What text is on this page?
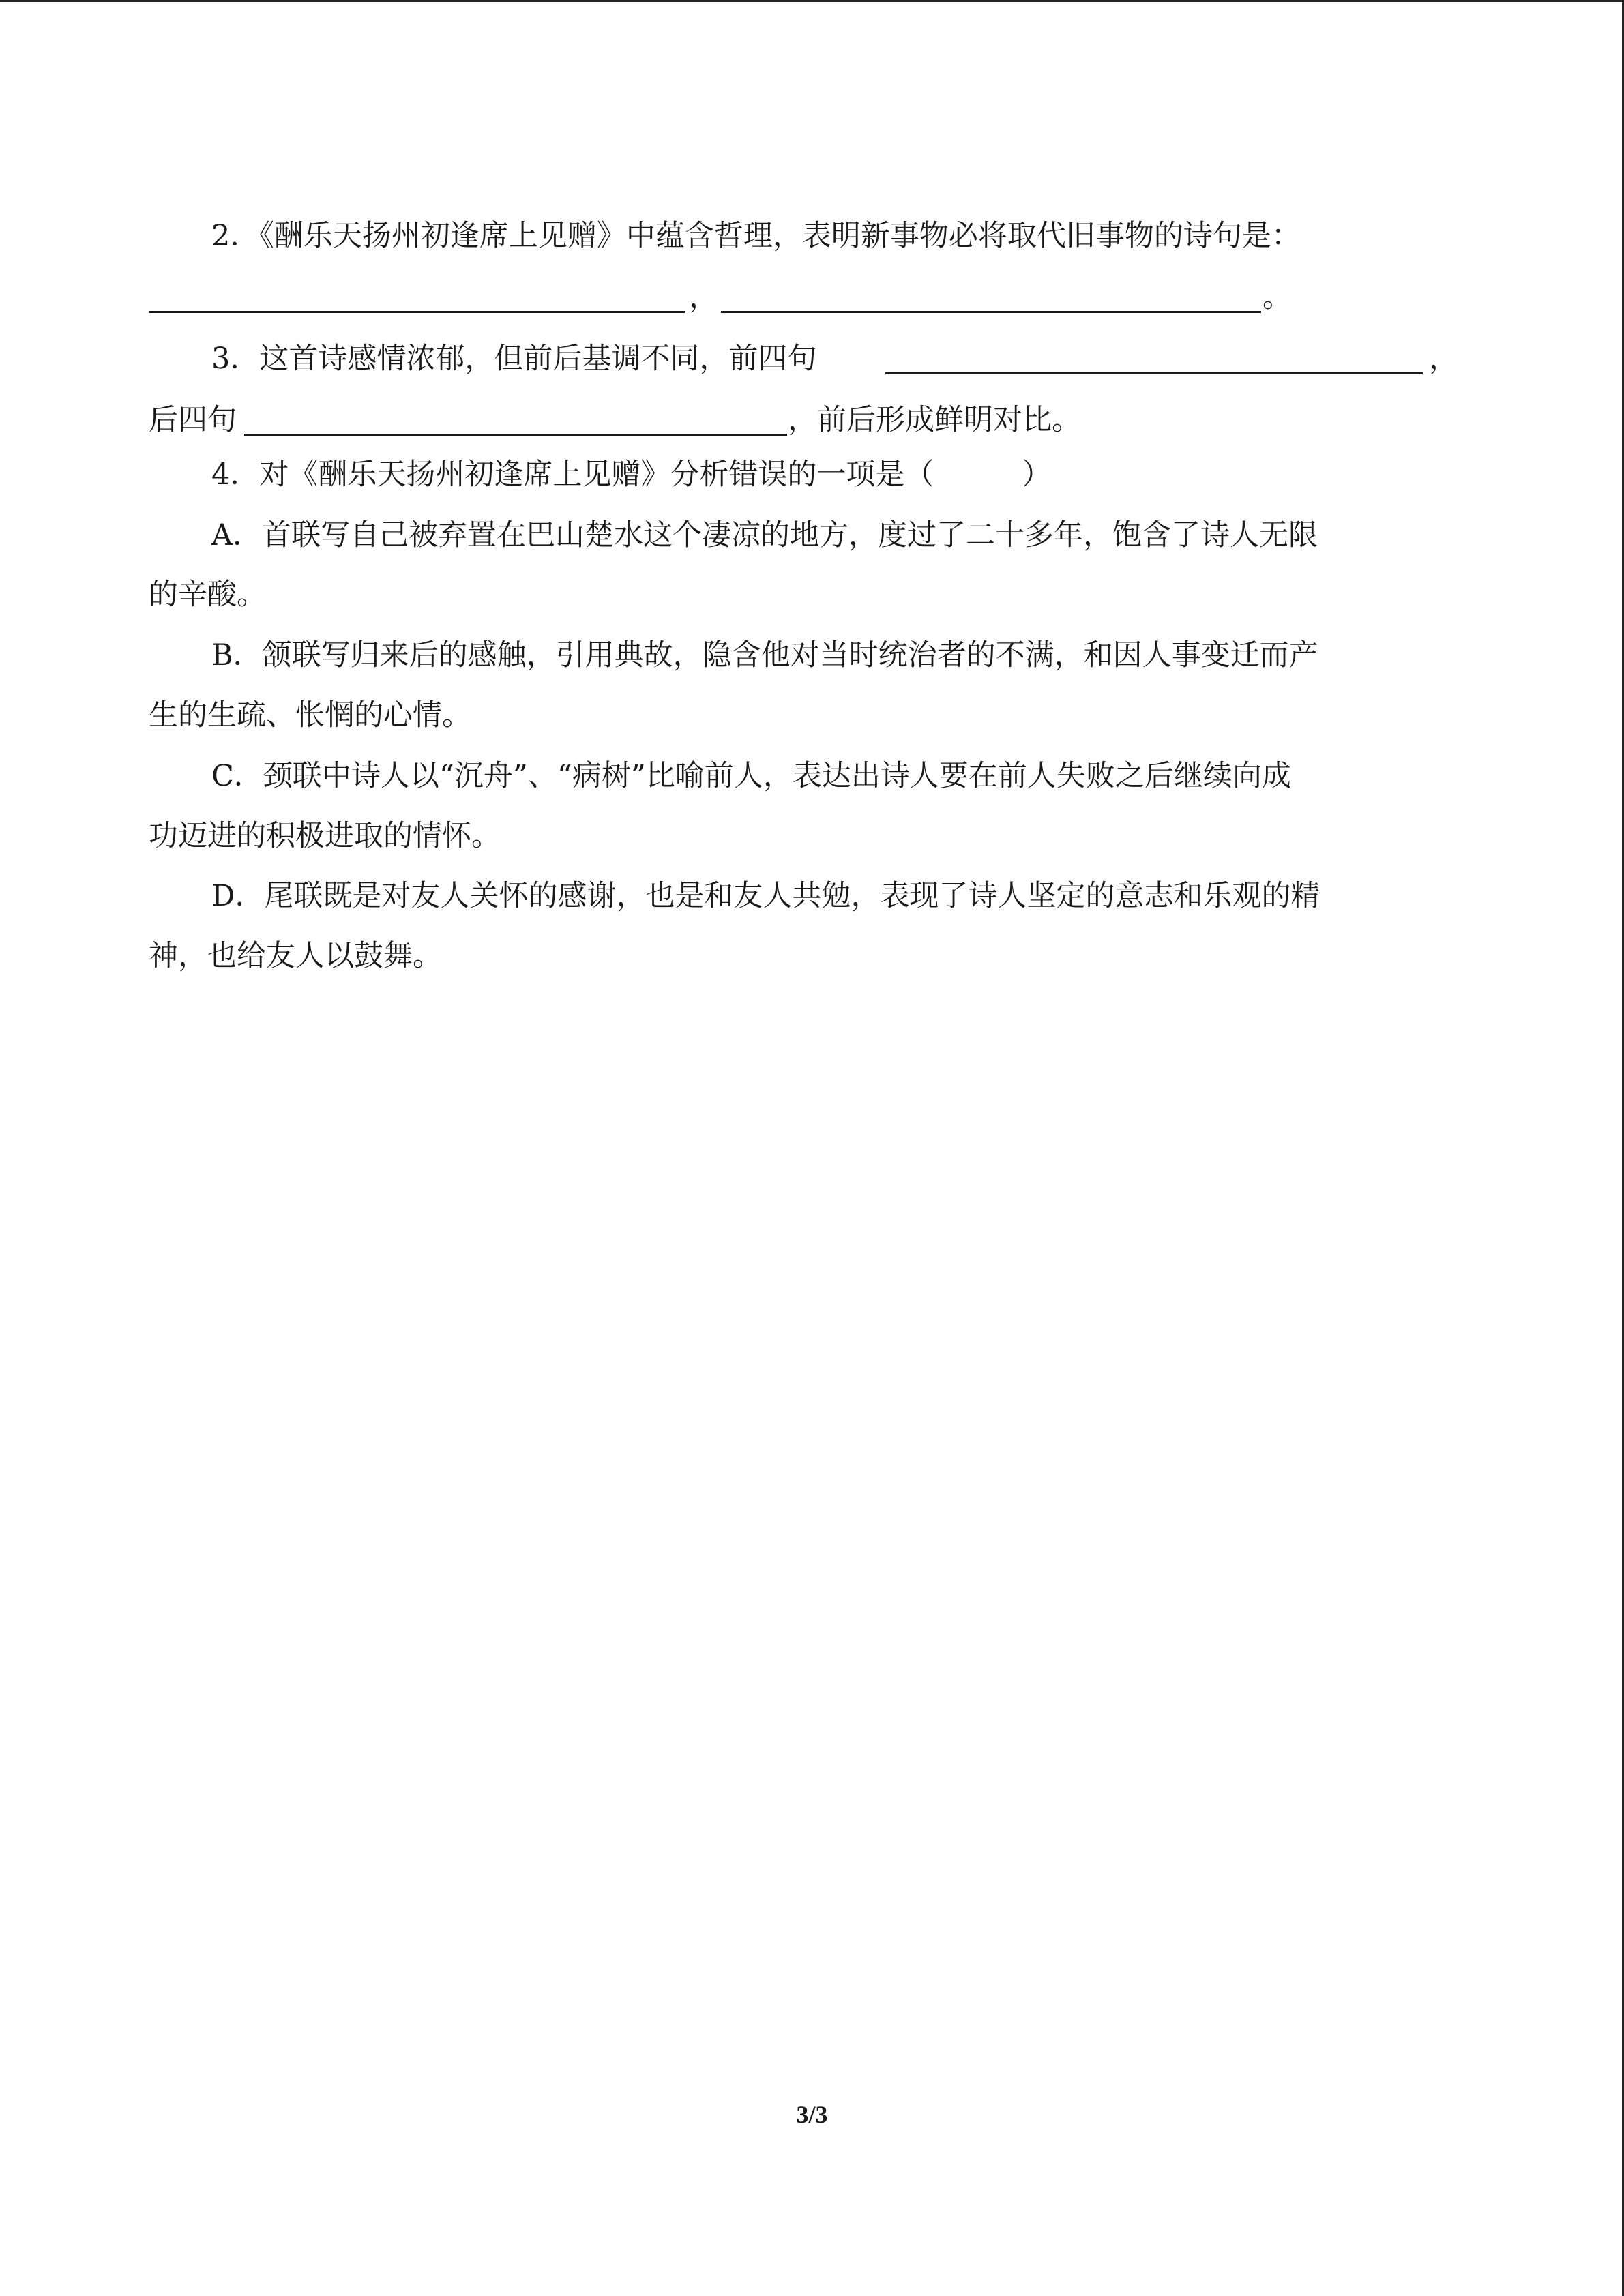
2．《酬乐天扬州初逢席上见赠》中蕴含哲理，表明新事物必将取代旧事物的诗句是：
，	。
3．这首诗感情浓郁，但前后基调不同，前四句	，
后四句	，前后形成鲜明对比。
4．对《酬乐天扬州初逢席上见赠》分析错误的一项是（　　　）
A．首联写自己被弃置在巴山楚水这个凄凉的地方，度过了二十多年，饱含了诗人无限
的辛酸。
B．颔联写归来后的感触，引用典故，隐含他对当时统治者的不满，和因人事变迁而产
生的生疏、怅惘的心情。
C．颈联中诗人以“沉舟”、“病树”比喻前人，表达出诗人要在前人失败之后继续向成
功迈进的积极进取的情怀。
D．尾联既是对友人关怀的感谢，也是和友人共勉，表现了诗人坚定的意志和乐观的精
神，也给友人以鼓舞。
3/3
